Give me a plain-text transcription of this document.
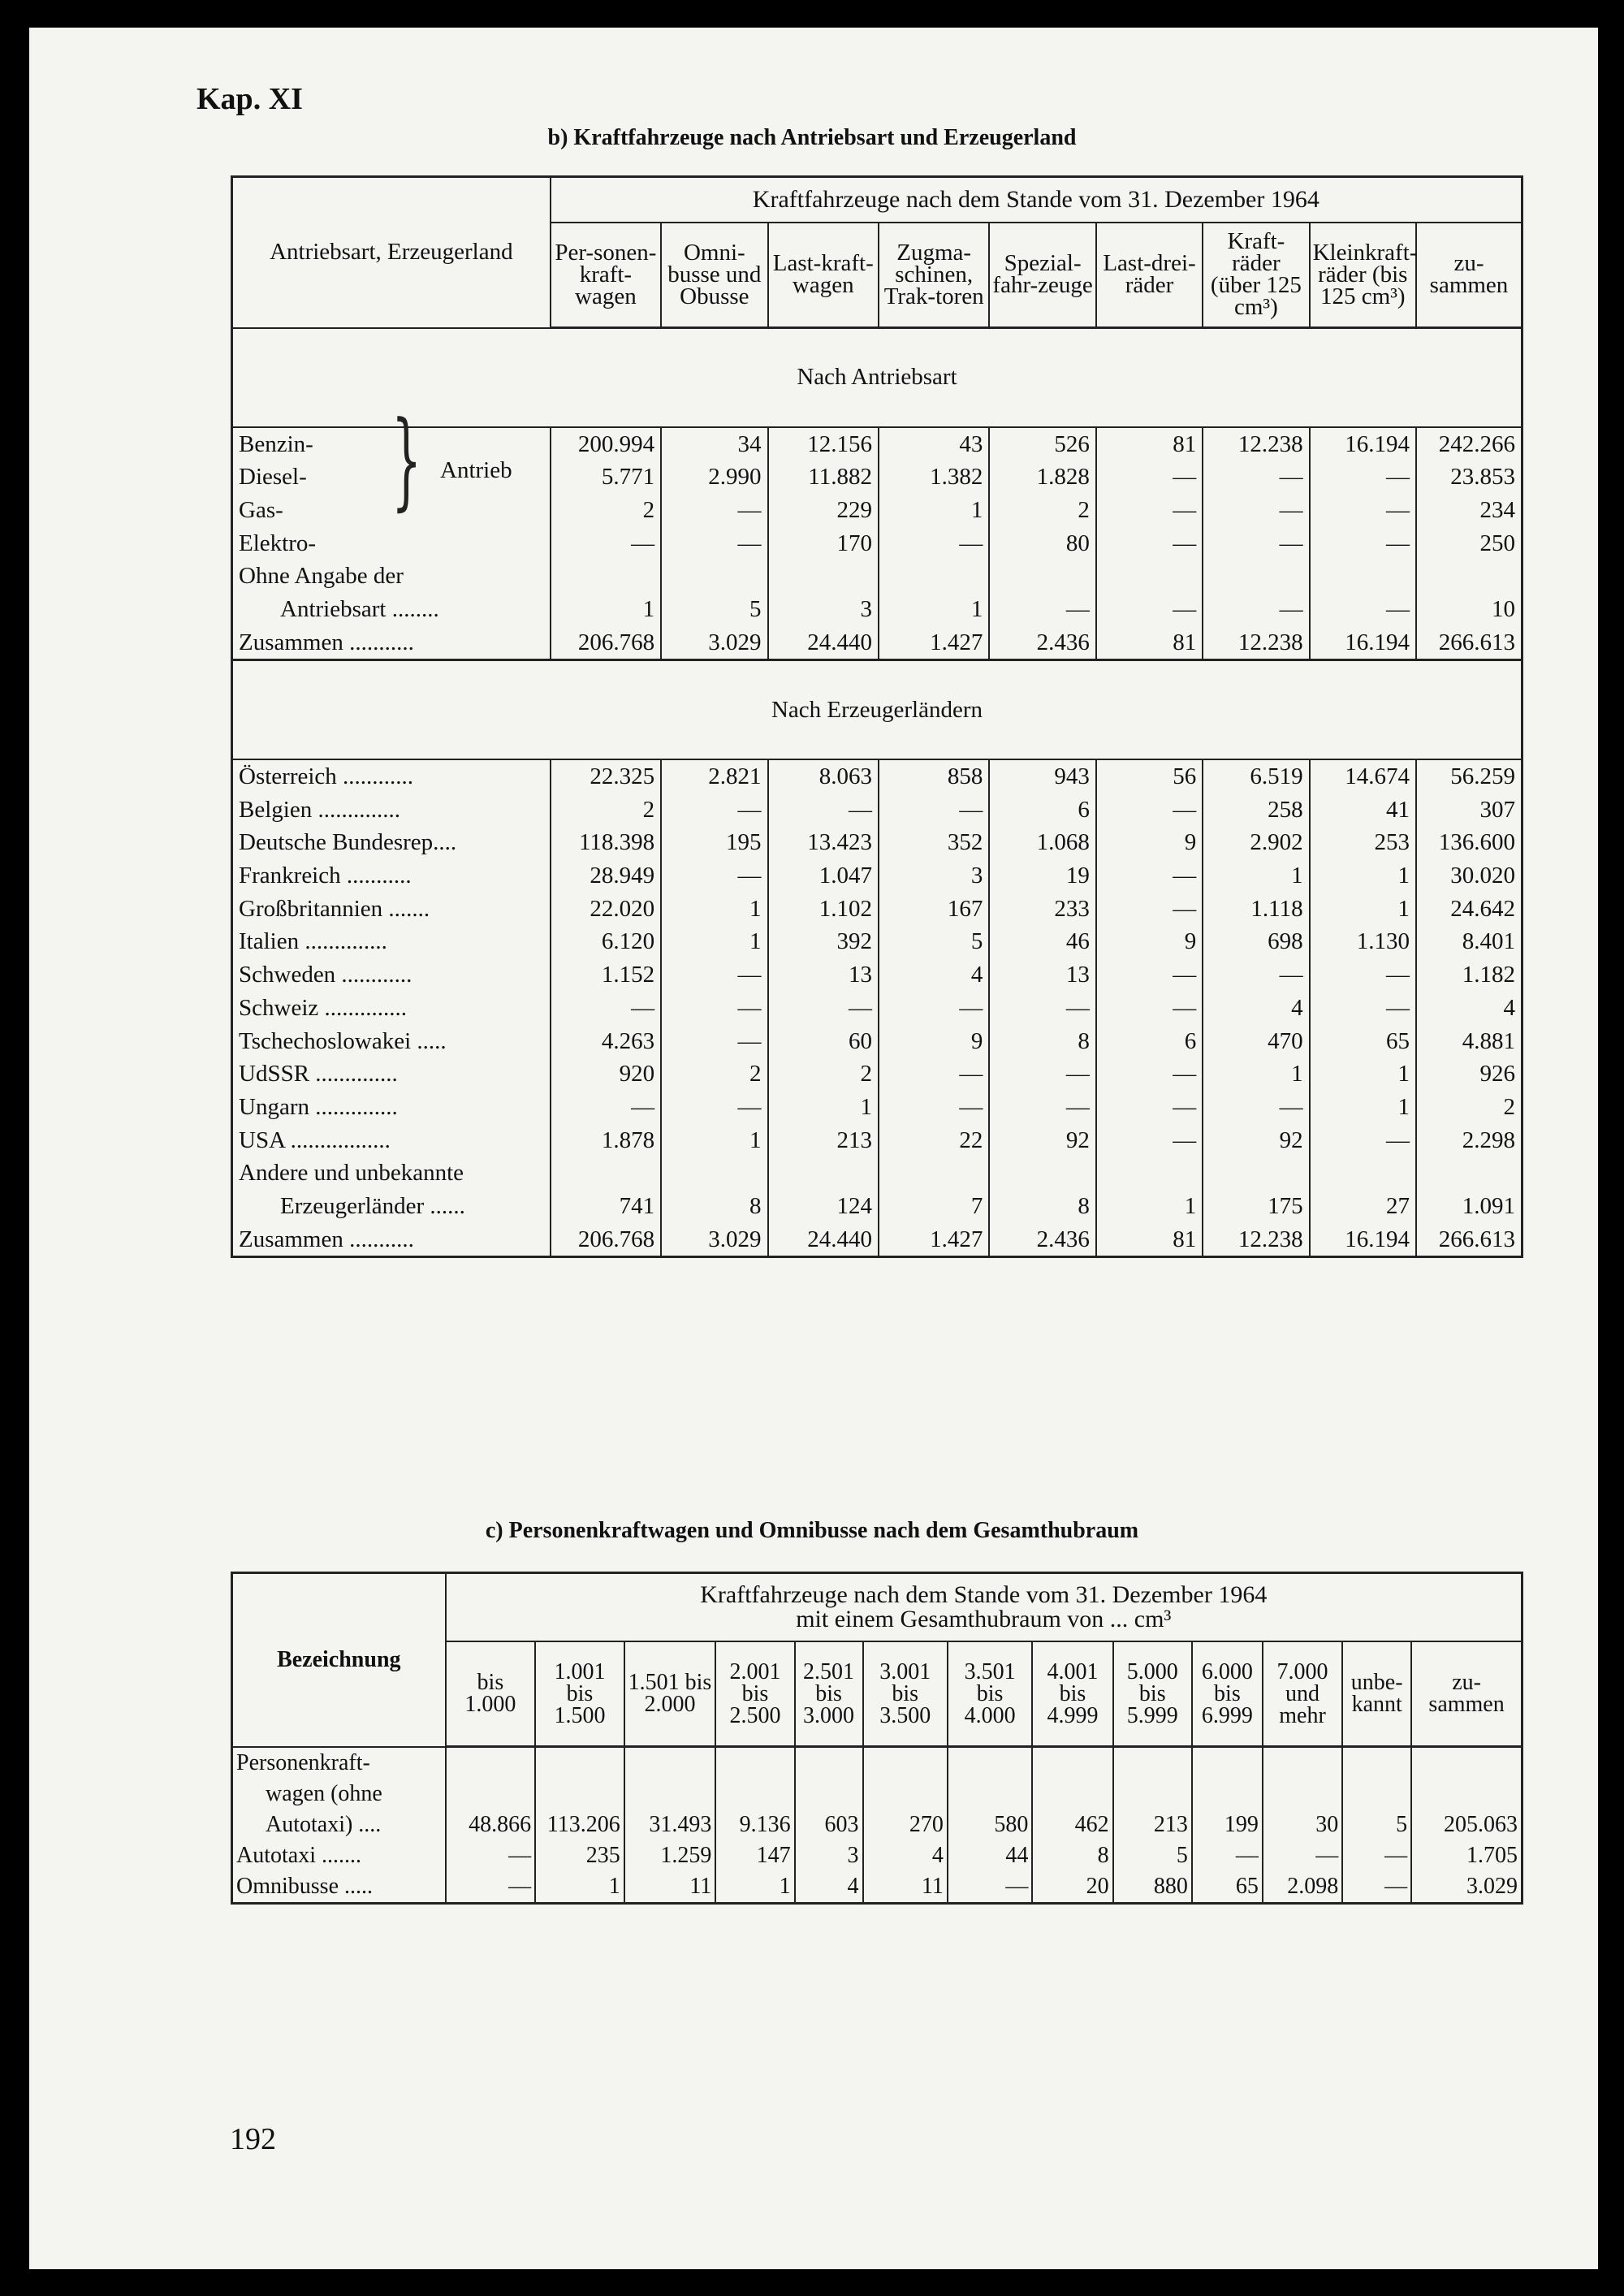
Kap. XI

b) Kraftfahrzeuge nach Antriebsart und Erzeugerland

Antriebsart, Erzeugerland	Kraftfahrzeuge nach dem Stande vom 31. Dezember 1964								
	Per-sonen-kraft-wagen	Omni-busse und Obusse	Last-kraft-wagen	Zugma-schinen, Trak-toren	Spezial-fahr-zeuge	Last-drei-räder	Kraft-räder (über 125 cm³)	Kleinkraft-räder (bis 125 cm³)	zu-sammen
Nach Antriebsart									

Benzin-	200.994	34	12.156	43	526	81	12.238	16.194	242.266
Diesel- } Antrieb	5.771	2.990	11.882	1.382	1.828	—	—	—	23.853
Gas-	2	—	229	1	2	—	—	—	234
Elektro-	—	—	170	—	80	—	—	—	250
Ohne Angabe der									
Antriebsart ........	1	5	3	1	—	—	—	—	10

Zusammen ...........	206.768	3.029	24.440	1.427	2.436	81	12.238	16.194	266.613

Nach Erzeugerländern									

Österreich ............	22.325	2.821	8.063	858	943	56	6.519	14.674	56.259
Belgien ..............	2	—	—	—	6	—	258	41	307
Deutsche Bundesrep....	118.398	195	13.423	352	1.068	9	2.902	253	136.600
Frankreich ...........	28.949	—	1.047	3	19	—	1	1	30.020
Großbritannien .......	22.020	1	1.102	167	233	—	1.118	1	24.642
Italien ..............	6.120	1	392	5	46	9	698	1.130	8.401
Schweden ............	1.152	—	13	4	13	—	—	—	1.182
Schweiz ..............	—	—	—	—	—	—	4	—	4
Tschechoslowakei .....	4.263	—	60	9	8	6	470	65	4.881
UdSSR ..............	920	2	2	—	—	—	1	1	926
Ungarn ..............	—	—	1	—	—	—	—	1	2
USA .................	1.878	1	213	22	92	—	92	—	2.298
Andere und unbekannte									
Erzeugerländer ......	741	8	124	7	8	1	175	27	1.091
Zusammen ...........	206.768	3.029	24.440	1.427	2.436	81	12.238	16.194	266.613

c) Personenkraftwagen und Omnibusse nach dem Gesamthubraum

Bezeichnung	Kraftfahrzeuge nach dem Stande vom 31. Dezember 1964
mit einem Gesamthubraum von ... cm³												

	bis 1.000	1.001 bis 1.500	1.501 bis 2.000	2.001 bis 2.500	2.501 bis 3.000	3.001 bis 3.500	3.501 bis 4.000	4.001 bis 4.999	5.000 bis 5.999	6.000 bis 6.999	7.000 und mehr	unbe-kannt	zu-sammen

Personenkraft-													
wagen (ohne													
Autotaxi) ....	48.866	113.206	31.493	9.136	603	270	580	462	213	199	30	5	205.063
Autotaxi .......	—	235	1.259	147	3	4	44	8	5	—	—	—	1.705
Omnibusse .....	—	1	11	1	4	11	—	20	880	65	2.098	—	3.029

192
